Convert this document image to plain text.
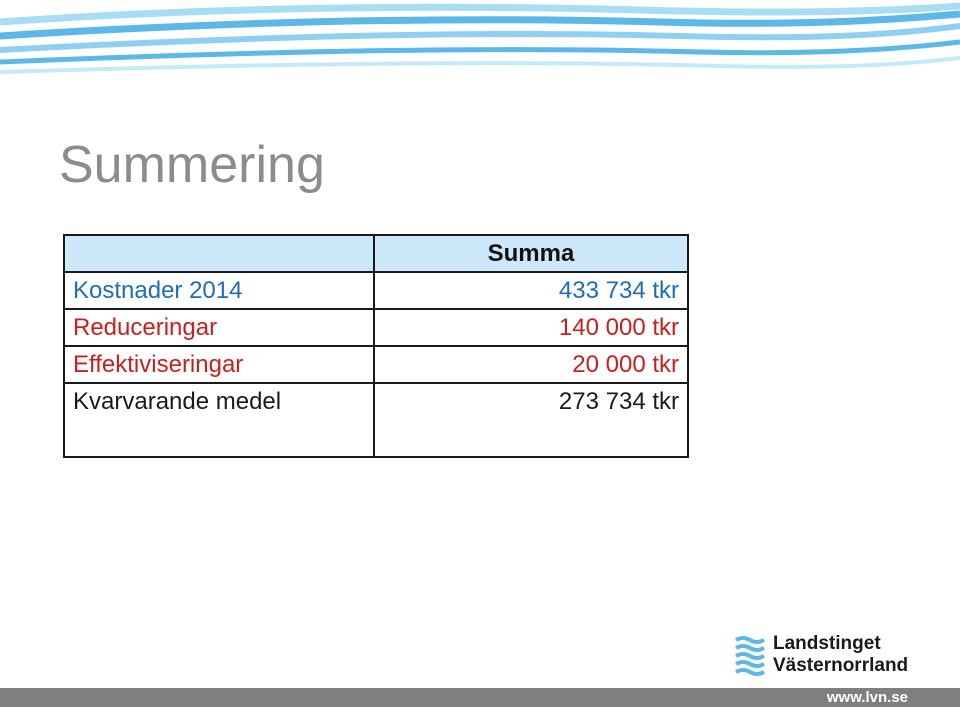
Summering
	Summa
Kostnader 2014	433 734 tkr
Reduceringar	140 000 tkr
Effektiviseringar	20 000 tkr
Kvarvarande medel	273 734 tkr
Landstinget
Västernorrland
www.lvn.se
